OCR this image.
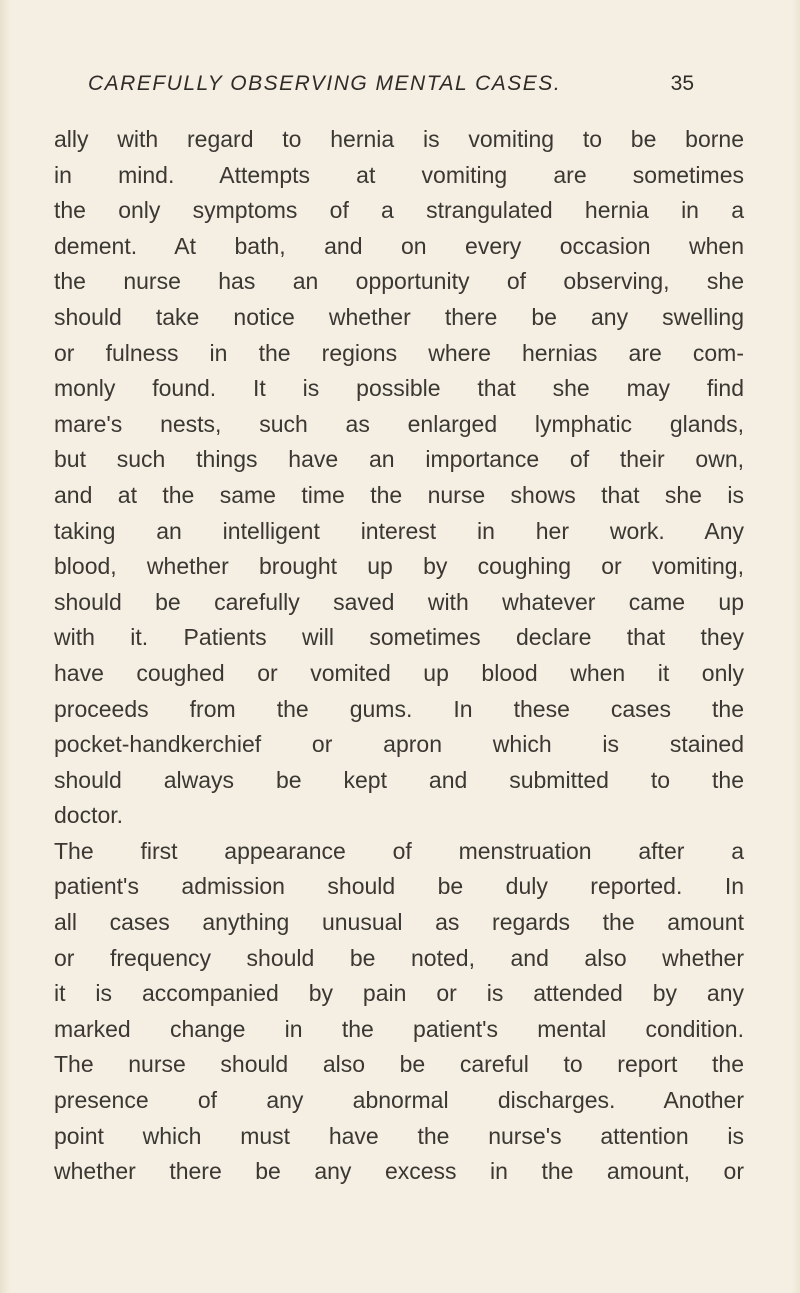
CAREFULLY OBSERVING MENTAL CASES.	35
ally with regard to hernia is vomiting to be borne
in mind. Attempts at vomiting are sometimes
the only symptoms of a strangulated hernia in a
dement. At bath, and on every occasion when
the nurse has an opportunity of observing, she
should take notice whether there be any swelling
or fulness in the regions where hernias are com-
monly found. It is possible that she may find
mare's nests, such as enlarged lymphatic glands,
but such things have an importance of their own,
and at the same time the nurse shows that she is
taking an intelligent interest in her work. Any
blood, whether brought up by coughing or vomiting,
should be carefully saved with whatever came up
with it. Patients will sometimes declare that they
have coughed or vomited up blood when it only
proceeds from the gums. In these cases the
pocket-handkerchief or apron which is stained
should always be kept and submitted to the
doctor.
The first appearance of menstruation after a
patient's admission should be duly reported. In
all cases anything unusual as regards the amount
or frequency should be noted, and also whether
it is accompanied by pain or is attended by any
marked change in the patient's mental condition.
The nurse should also be careful to report the
presence of any abnormal discharges. Another
point which must have the nurse's attention is
whether there be any excess in the amount, or
